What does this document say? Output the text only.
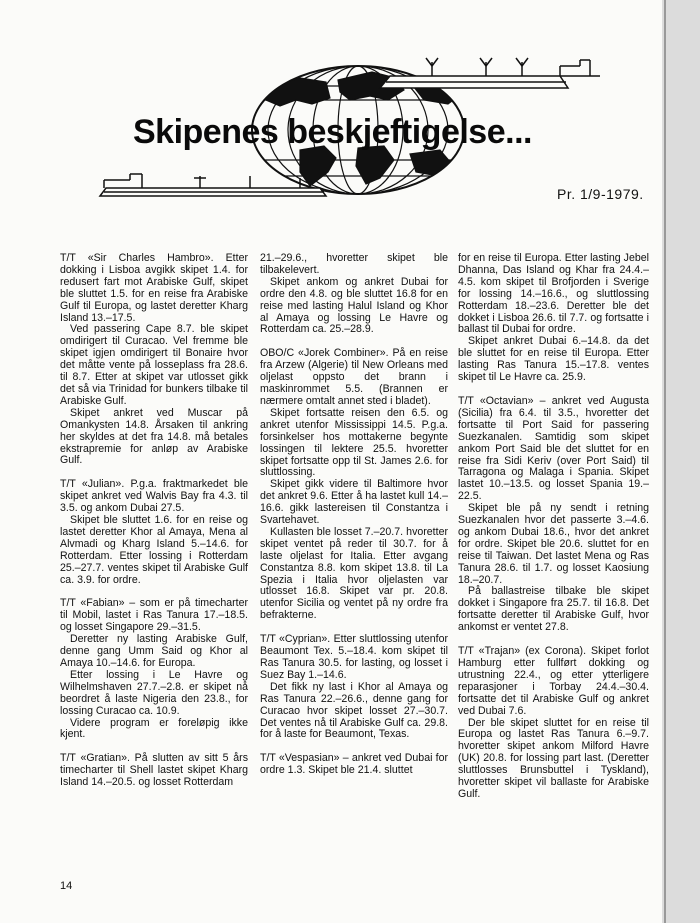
Skipenes beskjeftigelse...
Pr. 1/9-1979.

T/T «Sir Charles Hambro». Etter dokking i Lisboa avgikk skipet 1.4. for redusert fart mot Arabiske Gulf, skipet ble sluttet 1.5. for en reise fra Arabiske Gulf til Europa, og lastet deretter Kharg Island 13.–17.5.

Ved passering Cape 8.7. ble skipet omdirigert til Curacao. Vel fremme ble skipet igjen omdirigert til Bonaire hvor det måtte vente på losseplass fra 28.6. til 8.7. Etter at skipet var utlosset gikk det så via Trinidad for bunkers tilbake til Arabiske Gulf.

Skipet ankret ved Muscar på Omankysten 14.8. Årsaken til ankring her skyldes at det fra 14.8. må betales ekstrapremie for anløp av Arabiske Gulf.

T/T «Julian». P.g.a. fraktmarkedet ble skipet ankret ved Walvis Bay fra 4.3. til 3.5. og ankom Dubai 27.5.

Skipet ble sluttet 1.6. for en reise og lastet deretter Khor al Amaya, Mena al Alvmadi og Kharg Island 5.–14.6. for Rotterdam. Etter lossing i Rotterdam 25.–27.7. ventes skipet til Arabiske Gulf ca. 3.9. for ordre.

T/T «Fabian» – som er på timecharter til Mobil, lastet i Ras Tanura 17.–18.5. og losset Singapore 29.–31.5.

Deretter ny lasting Arabiske Gulf, denne gang Umm Said og Khor al Amaya 10.–14.6. for Europa.

Etter lossing i Le Havre og Wilhelmshaven 27.7.–2.8. er skipet nå beordret å laste Nigeria den 23.8., for lossing Curacao ca. 10.9.

Videre program er foreløpig ikke kjent.

T/T «Gratian». På slutten av sitt 5 års timecharter til Shell lastet skipet Kharg Island 14.–20.5. og losset Rotterdam

21.–29.6., hvoretter skipet ble tilbakelevert.

Skipet ankom og ankret Dubai for ordre den 4.8. og ble sluttet 16.8 for en reise med lasting Halul Island og Khor al Amaya og lossing Le Havre og Rotterdam ca. 25.–28.9.

OBO/C «Jorek Combiner». På en reise fra Arzew (Algerie) til New Orleans med oljelast oppsto det brann i maskinrommet 5.5. (Brannen er nærmere omtalt annet sted i bladet).

Skipet fortsatte reisen den 6.5. og ankret utenfor Mississippi 14.5. P.g.a. forsinkelser hos mottakerne begynte lossingen til lektere 25.5. hvoretter skipet fortsatte opp til St. James 2.6. for sluttlossing.

Skipet gikk videre til Baltimore hvor det ankret 9.6. Etter å ha lastet kull 14.–16.6. gikk lastereisen til Constantza i Svartehavet.

Kullasten ble losset 7.–20.7. hvoretter skipet ventet på reder til 30.7. for å laste oljelast for Italia. Etter avgang Constantza 8.8. kom skipet 13.8. til La Spezia i Italia hvor oljelasten var utlosset 16.8. Skipet var pr. 20.8. utenfor Sicilia og ventet på ny ordre fra befrakterne.

T/T «Cyprian». Etter sluttlossing utenfor Beaumont Tex. 5.–18.4. kom skipet til Ras Tanura 30.5. for lasting, og losset i Suez Bay 1.–14.6.

Det fikk ny last i Khor al Amaya og Ras Tanura 22.–26.6., denne gang for Curacao hvor skipet losset 27.–30.7. Det ventes nå til Arabiske Gulf ca. 29.8. for å laste for Beaumont, Texas.

T/T «Vespasian» – ankret ved Dubai for ordre 1.3. Skipet ble 21.4. sluttet

for en reise til Europa. Etter lasting Jebel Dhanna, Das Island og Khar fra 24.4.–4.5. kom skipet til Brofjorden i Sverige for lossing 14.–16.6., og sluttlossing Rotterdam 18.–23.6. Deretter ble det dokket i Lisboa 26.6. til 7.7. og fortsatte i ballast til Dubai for ordre.

Skipet ankret Dubai 6.–14.8. da det ble sluttet for en reise til Europa. Etter lasting Ras Tanura 15.–17.8. ventes skipet til Le Havre ca. 25.9.

T/T «Octavian» – ankret ved Augusta (Sicilia) fra 6.4. til 3.5., hvoretter det fortsatte til Port Said for passering Suezkanalen. Samtidig som skipet ankom Port Said ble det sluttet for en reise fra Sidi Keriv (over Port Said) til Tarragona og Malaga i Spania. Skipet lastet 10.–13.5. og losset Spania 19.–22.5.

Skipet ble på ny sendt i retning Suezkanalen hvor det passerte 3.–4.6. og ankom Dubai 18.6., hvor det ankret for ordre. Skipet ble 20.6. sluttet for en reise til Taiwan. Det lastet Mena og Ras Tanura 28.6. til 1.7. og losset Kaosiung 18.–20.7.

På ballastreise tilbake ble skipet dokket i Singapore fra 25.7. til 16.8. Det fortsatte deretter til Arabiske Gulf, hvor ankomst er ventet 27.8.

T/T «Trajan» (ex Corona). Skipet forlot Hamburg etter fullført dokking og utrustning 22.4., og etter ytterligere reparasjoner i Torbay 24.4.–30.4. fortsatte det til Arabiske Gulf og ankret ved Dubai 7.6.

Der ble skipet sluttet for en reise til Europa og lastet Ras Tanura 6.–9.7. hvoretter skipet ankom Milford Havre (UK) 20.8. for lossing part last. (Deretter sluttlosses Brunsbuttel i Tyskland), hvoretter skipet vil ballaste for Arabiske Gulf.

14
